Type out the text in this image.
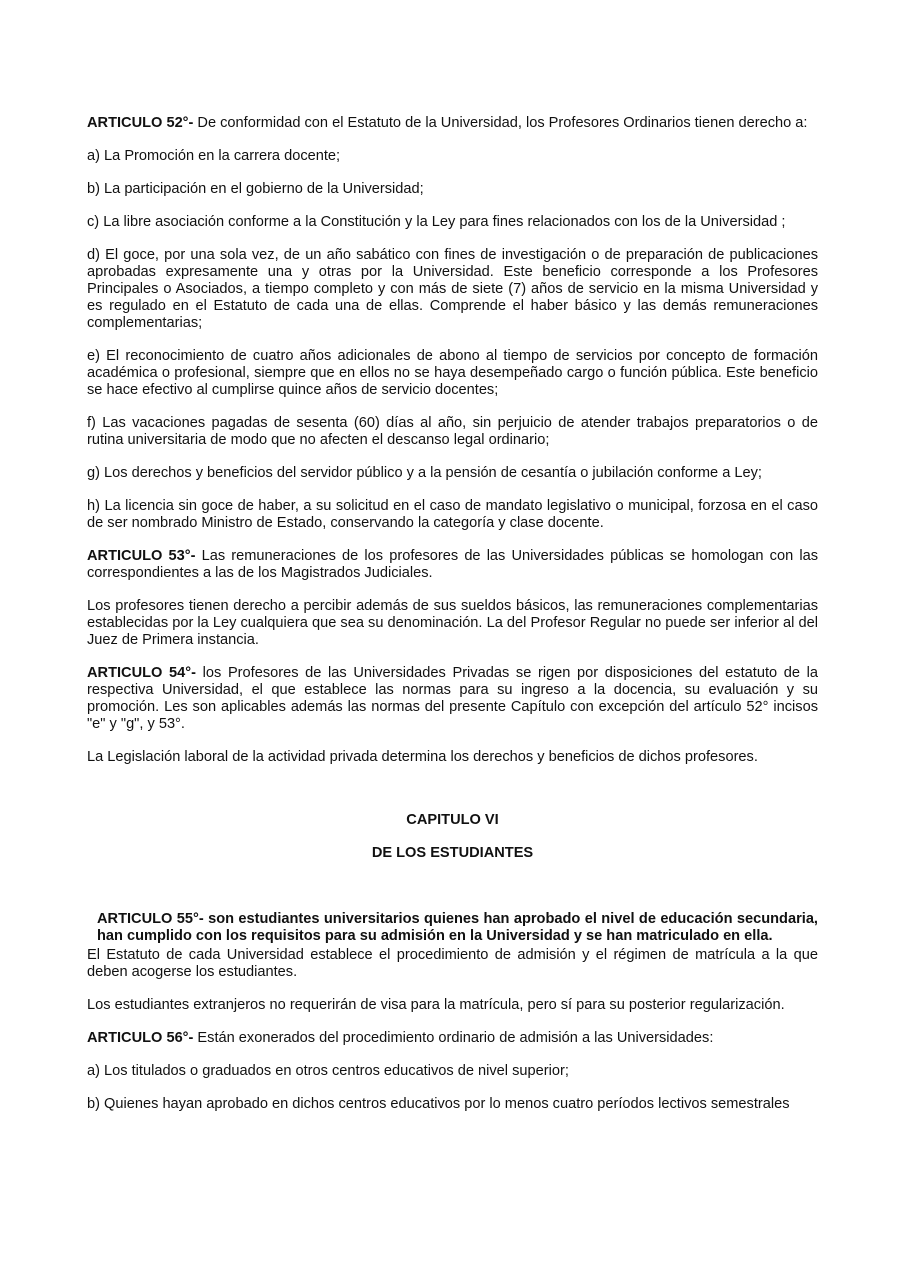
ARTICULO 52°- De conformidad con el Estatuto de la Universidad, los Profesores Ordinarios tienen derecho a:

a) La Promoción en la carrera docente;

b) La participación en el gobierno de la Universidad;

c) La libre asociación conforme a la Constitución y la Ley para fines relacionados con los de la Universidad ;

d) El goce, por una sola vez, de un año sabático con fines de investigación o de preparación de publicaciones aprobadas expresamente una y otras por la Universidad. Este beneficio corresponde a los Profesores Principales o Asociados, a tiempo completo y con más de siete (7) años de servicio en la misma Universidad y es regulado en el Estatuto de cada una de ellas. Comprende el haber básico y las demás remuneraciones complementarias;

e) El reconocimiento de cuatro años adicionales de abono al tiempo de servicios por concepto de formación académica o profesional, siempre que en ellos no se haya desempeñado cargo o función pública. Este beneficio se hace efectivo al cumplirse quince años de servicio docentes;

f) Las vacaciones pagadas de sesenta (60) días al año, sin perjuicio de atender trabajos preparatorios o de rutina universitaria de modo que no afecten el descanso legal ordinario;

g) Los derechos y beneficios del servidor público y a la pensión de cesantía o jubilación conforme a Ley;

h) La licencia sin goce de haber, a su solicitud en el caso de mandato legislativo o municipal, forzosa en el caso de ser nombrado Ministro de Estado, conservando la categoría y clase docente.

ARTICULO 53°- Las remuneraciones de los profesores de las Universidades públicas se homologan con las correspondientes a las de los Magistrados Judiciales.

Los profesores tienen derecho a percibir además de sus sueldos básicos, las remuneraciones complementarias establecidas por la Ley cualquiera que sea su denominación. La del Profesor Regular no puede ser inferior al del Juez de Primera instancia.

ARTICULO 54°- los Profesores de las Universidades Privadas se rigen por disposiciones del estatuto de la respectiva Universidad, el que establece las normas para su ingreso a la docencia, su evaluación y su promoción. Les son aplicables además las normas del presente Capítulo con excepción del artículo 52° incisos "e" y "g", y 53°.

La Legislación laboral de la actividad privada determina los derechos y beneficios de dichos profesores.

CAPITULO VI

DE LOS ESTUDIANTES

ARTICULO 55°- son estudiantes universitarios quienes han aprobado el nivel de educación secundaria, han cumplido con los requisitos para su admisión en la Universidad y se han matriculado en ella.

El Estatuto de cada Universidad establece el procedimiento de admisión y el régimen de matrícula a la que deben acogerse los estudiantes.

Los estudiantes extranjeros no requerirán de visa para la matrícula, pero sí para su posterior regularización.

ARTICULO 56°- Están exonerados del procedimiento ordinario de admisión a las Universidades:

a) Los titulados o graduados en otros centros educativos de nivel superior;

b) Quienes hayan aprobado en dichos centros educativos por lo menos cuatro períodos lectivos semestrales
